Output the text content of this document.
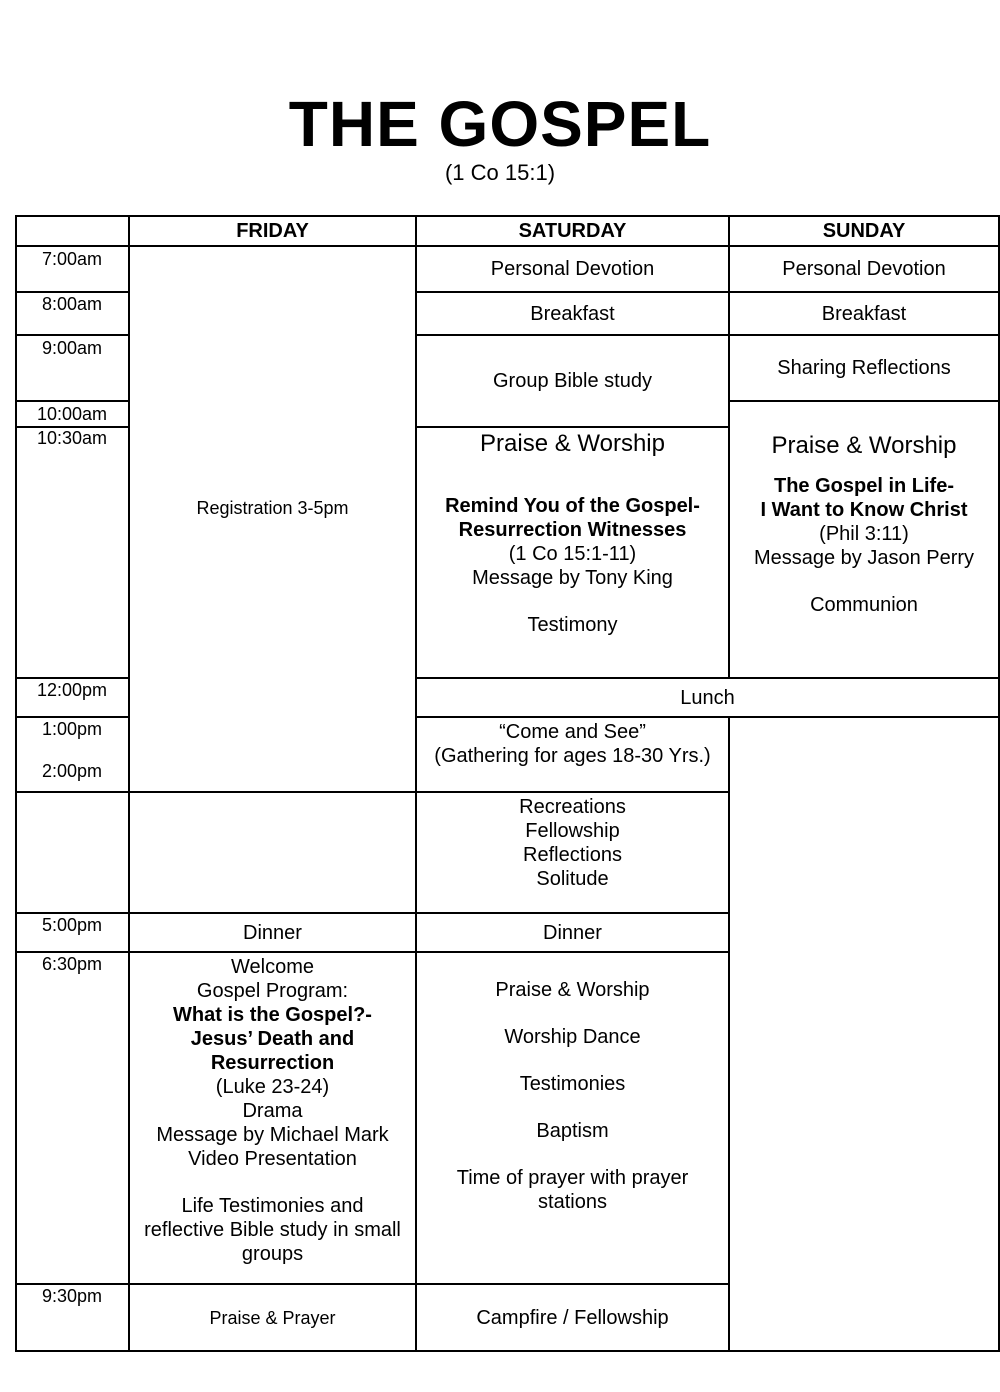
THE GOSPEL
(1 Co 15:1)
7:00am
8:00am
9:00am
10:00am
10:30am
12:00pm
1:00pm
2:00pm
5:00pm
6:30pm
9:30pm
FRIDAY	SATURDAY	SUNDAY
Registration 3-5pm
Dinner
Welcome
Gospel Program:
What is the Gospel?-
Jesus’ Death and
Resurrection
(Luke 23-24)
Drama
Message by Michael Mark
Video Presentation
Life Testimonies and
reflective Bible study in small
groups
Praise & Prayer
Personal Devotion
Breakfast
Group Bible study
Praise & Worship
Remind You of the Gospel-
Resurrection Witnesses
(1 Co 15:1-11)
Message by Tony King
Testimony
Lunch
“Come and See”
(Gathering for ages 18-30 Yrs.)
Recreations
Fellowship
Reflections
Solitude
Dinner
Praise & Worship
Worship Dance
Testimonies
Baptism
Time of prayer with prayer
stations
Campfire / Fellowship
Personal Devotion
Breakfast
Sharing Reflections
Praise & Worship
The Gospel in Life-
I Want to Know Christ
(Phil 3:11)
Message by Jason Perry
Communion
